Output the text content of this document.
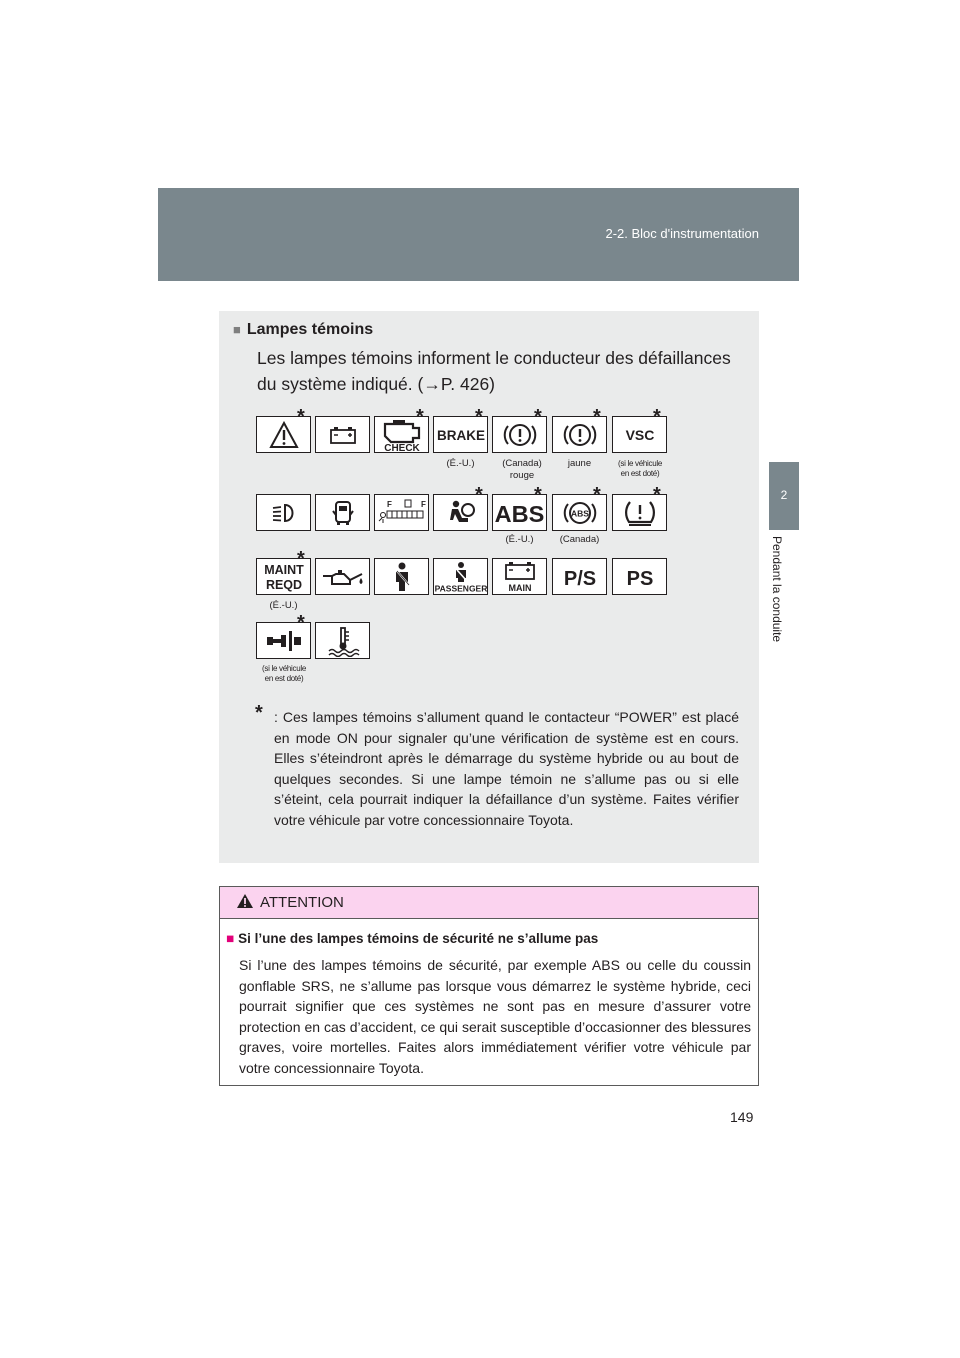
2-2. Bloc d'instrumentation
2
Pendant la conduite
■ Lampes témoins
Les lampes témoins informent le conducteur des défaillances du système indiqué. (→P. 426)
CHECK
BRAKE	VSC
(É.-U.)	(Canada)
rouge
jaune	(si le véhicule
en est doté)
F	F	ABS	ABS
(É.-U.)	(Canada)
MAINT
REQD	PASSENGER MAIN P/S PS
(É.-U.)
(si le véhicule
en est doté)
* : Ces lampes témoins s’allument quand le contacteur “POWER” est placé en mode ON pour signaler qu’une vérification de système est en cours. Elles s’éteindront après le démarrage du système hybride ou au bout de quelques secondes. Si une lampe témoin ne s’allume pas ou si elle s’éteint, cela pourrait indiquer la défaillance d’un système. Faites vérifier votre véhicule par votre concessionnaire Toyota.

ATTENTION
■ Si l’une des lampes témoins de sécurité ne s’allume pas
Si l’une des lampes témoins de sécurité, par exemple ABS ou celle du coussin gonflable SRS, ne s’allume pas lorsque vous démarrez le système hybride, ceci pourrait signifier que ces systèmes ne sont pas en mesure d’assurer votre protection en cas d’accident, ce qui serait susceptible d’occasionner des blessures graves, voire mortelles. Faites alors immédiatement vérifier votre véhicule par votre concessionnaire Toyota.
149
